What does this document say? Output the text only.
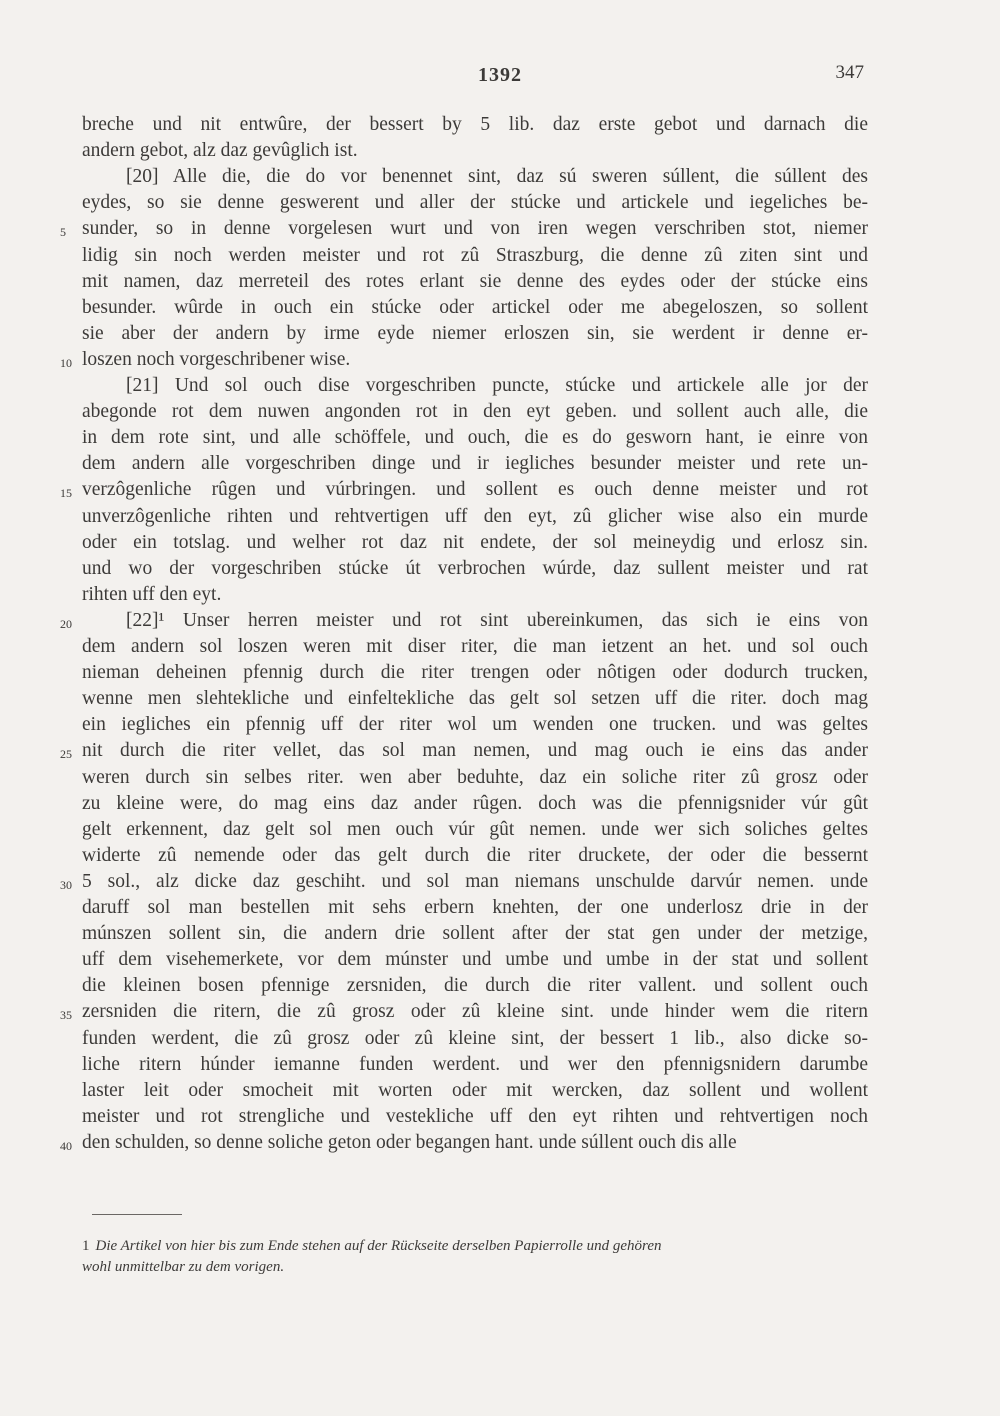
1392	347
breche und nit entwûre, der bessert by 5 lib. daz erste gebot und darnach die
andern gebot, alz daz gevûglich ist.
[20] Alle die, die do vor benennet sint, daz sú sweren súllent, die súllent des
eydes, so sie denne geswerent und aller der stúcke und artickele und iegeliches be-
sunder, so in denne vorgelesen wurt und von iren wegen verschriben stot, niemer
lidig sin noch werden meister und rot zû Straszburg, die denne zû ziten sint und
mit namen, daz merreteil des rotes erlant sie denne des eydes oder der stúcke eins
besunder. wûrde in ouch ein stúcke oder artickel oder me abegeloszen, so sollent
sie aber der andern by irme eyde niemer erloszen sin, sie werdent ir denne er-
loszen noch vorgeschribener wise.
[21] Und sol ouch dise vorgeschriben puncte, stúcke und artickele alle jor der
abegonde rot dem nuwen angonden rot in den eyt geben. und sollent auch alle, die
in dem rote sint, und alle schöffele, und ouch, die es do gesworn hant, ie einre von
dem andern alle vorgeschriben dinge und ir iegliches besunder meister und rete un-
verzôgenliche rûgen und vúrbringen. und sollent es ouch denne meister und rot
unverzôgenliche rihten und rehtvertigen uff den eyt, zû glicher wise also ein murde
oder ein totslag. und welher rot daz nit endete, der sol meineydig und erlosz sin.
und wo der vorgeschriben stúcke út verbrochen wúrde, daz sullent meister und rat
rihten uff den eyt.
[22]¹ Unser herren meister und rot sint ubereinkumen, das sich ie eins von
dem andern sol loszen weren mit diser riter, die man ietzent an het. und sol ouch
nieman deheinen pfennig durch die riter trengen oder nôtigen oder dodurch trucken,
wenne men slehtekliche und einfeltekliche das gelt sol setzen uff die riter. doch mag
ein iegliches ein pfennig uff der riter wol um wenden one trucken. und was geltes
nit durch die riter vellet, das sol man nemen, und mag ouch ie eins das ander
weren durch sin selbes riter. wen aber beduhte, daz ein soliche riter zû grosz oder
zu kleine were, do mag eins daz ander rûgen. doch was die pfennigsnider vúr gût
gelt erkennent, daz gelt sol men ouch vúr gût nemen. unde wer sich soliches geltes
widerte zû nemende oder das gelt durch die riter druckete, der oder die bessernt
5 sol., alz dicke daz geschiht. und sol man niemans unschulde darvúr nemen. unde
daruff sol man bestellen mit sehs erbern knehten, der one underlosz drie in der
múnszen sollent sin, die andern drie sollent after der stat gen under der metzige,
uff dem visehemerkete, vor dem múnster und umbe und umbe in der stat und sollent
die kleinen bosen pfennige zersniden, die durch die riter vallent. und sollent ouch
zersniden die ritern, die zû grosz oder zû kleine sint. unde hinder wem die ritern
funden werdent, die zû grosz oder zû kleine sint, der bessert 1 lib., also dicke so-
liche ritern húnder iemanne funden werdent. und wer den pfennigsnidern darumbe
laster leit oder smocheit mit worten oder mit wercken, daz sollent und wollent
meister und rot strengliche und vestekliche uff den eyt rihten und rehtvertigen noch
den schulden, so denne soliche geton oder begangen hant. unde súllent ouch dis alle
5
10
15
20
25
30
35
40
1 Die Artikel von hier bis zum Ende stehen auf der Rückseite derselben Papierrolle und gehören
wohl unmittelbar zu dem vorigen.
